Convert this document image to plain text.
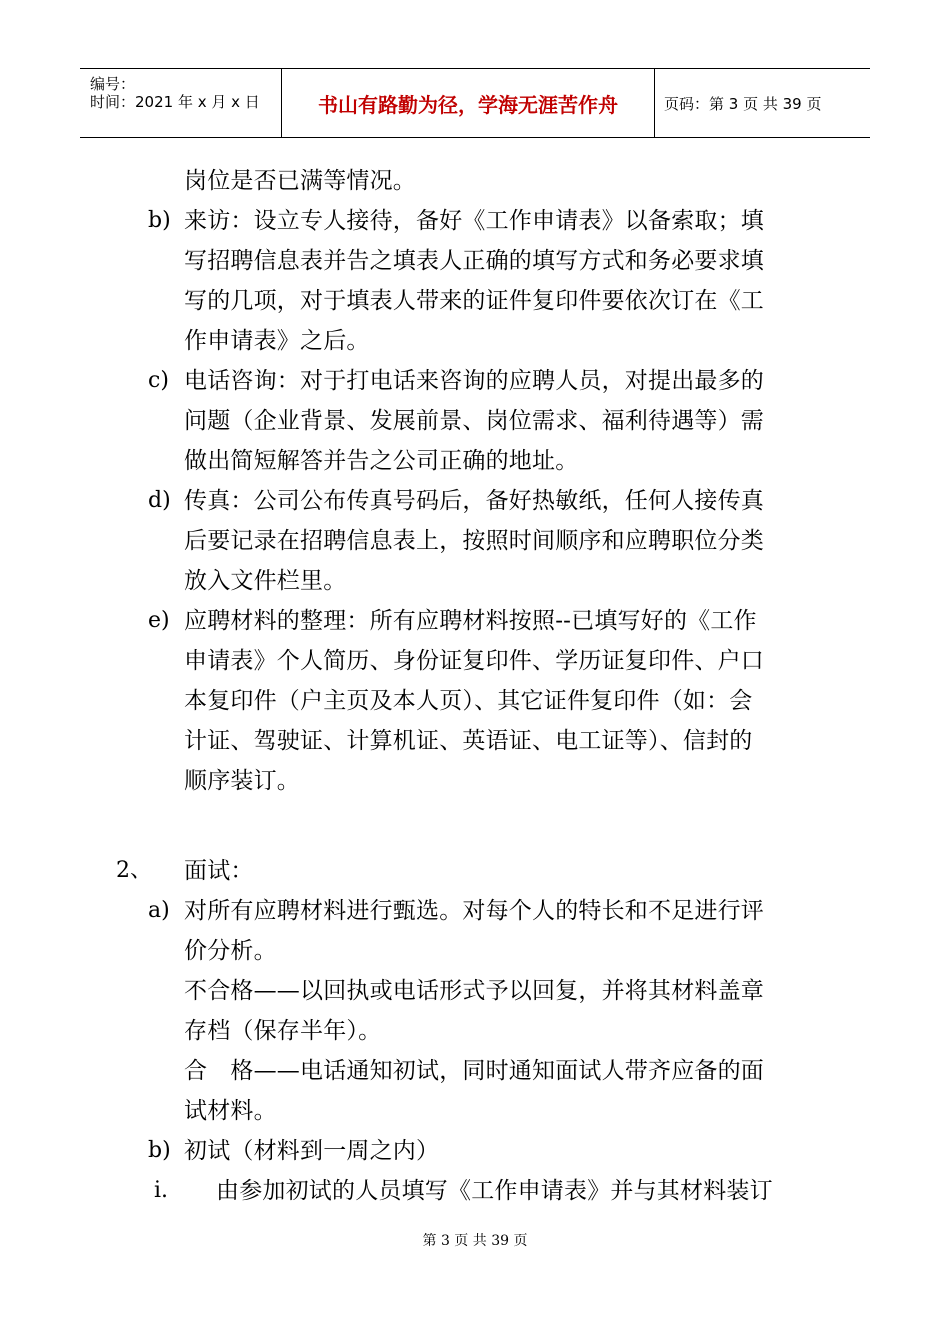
编号：
时间：2021 年 x 月 x 日	书山有路勤为径，学海无涯苦作舟	页码：第 3 页 共 39 页
岗位是否已满等情况。
b) 来访：设立专人接待，备好《工作申请表》以备索取；填
写招聘信息表并告之填表人正确的填写方式和务必要求填
写的几项，对于填表人带来的证件复印件要依次订在《工
作申请表》之后。
c) 电话咨询：对于打电话来咨询的应聘人员，对提出最多的
问题（企业背景、发展前景、岗位需求、福利待遇等）需
做出简短解答并告之公司正确的地址。
d) 传真：公司公布传真号码后，备好热敏纸，任何人接传真
后要记录在招聘信息表上，按照时间顺序和应聘职位分类
放入文件栏里。
e) 应聘材料的整理：所有应聘材料按照--已填写好的《工作
申请表》个人简历、身份证复印件、学历证复印件、户口
本复印件（户主页及本人页）、其它证件复印件（如：会
计证、驾驶证、计算机证、英语证、电工证等）、信封的
顺序装订。
2、 面试：
a) 对所有应聘材料进行甄选。对每个人的特长和不足进行评
价分析。
不合格——以回执或电话形式予以回复，并将其材料盖章
存档（保存半年）。
合　格——电话通知初试，同时通知面试人带齐应备的面
试材料。
b) 初试（材料到一周之内）
i. 由参加初试的人员填写《工作申请表》并与其材料装订
第 3 页 共 39 页
